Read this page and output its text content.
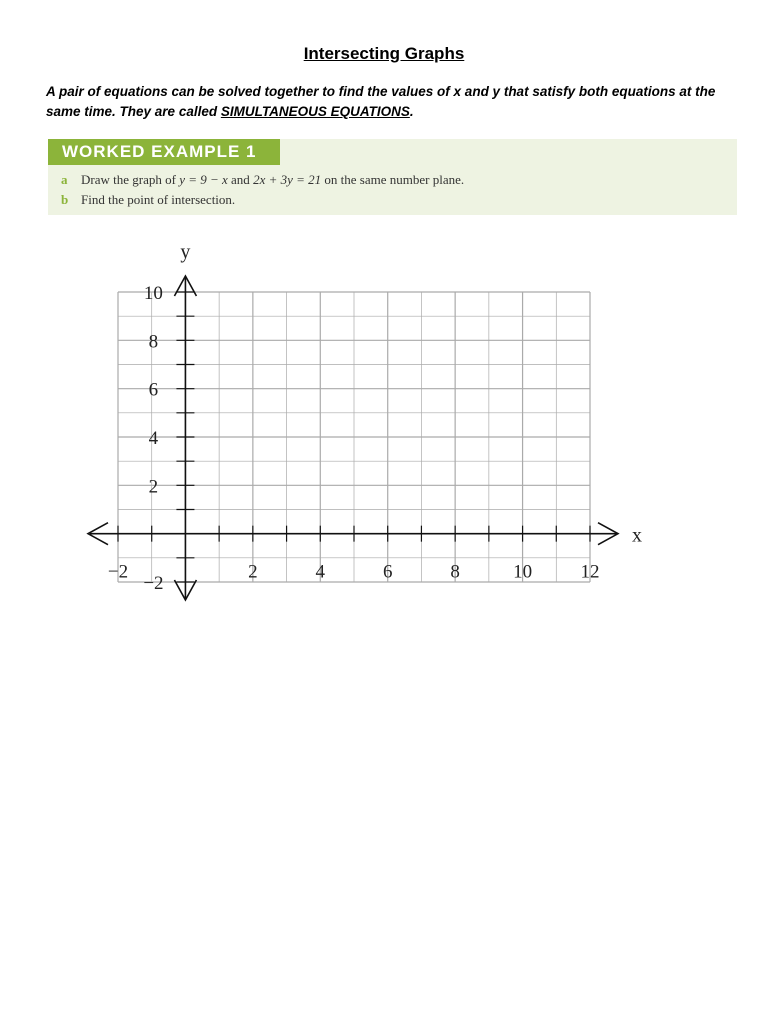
Intersecting Graphs
A pair of equations can be solved together to find the values of x and y that satisfy both equations at the same time. They are called SIMULTANEOUS EQUATIONS.
WORKED EXAMPLE 1
a Draw the graph of y = 9 − x and 2x + 3y = 21 on the same number plane.
b Find the point of intersection.
y
x
−2	2	4	6	8	10	12
10
8
6
4
2
−2
